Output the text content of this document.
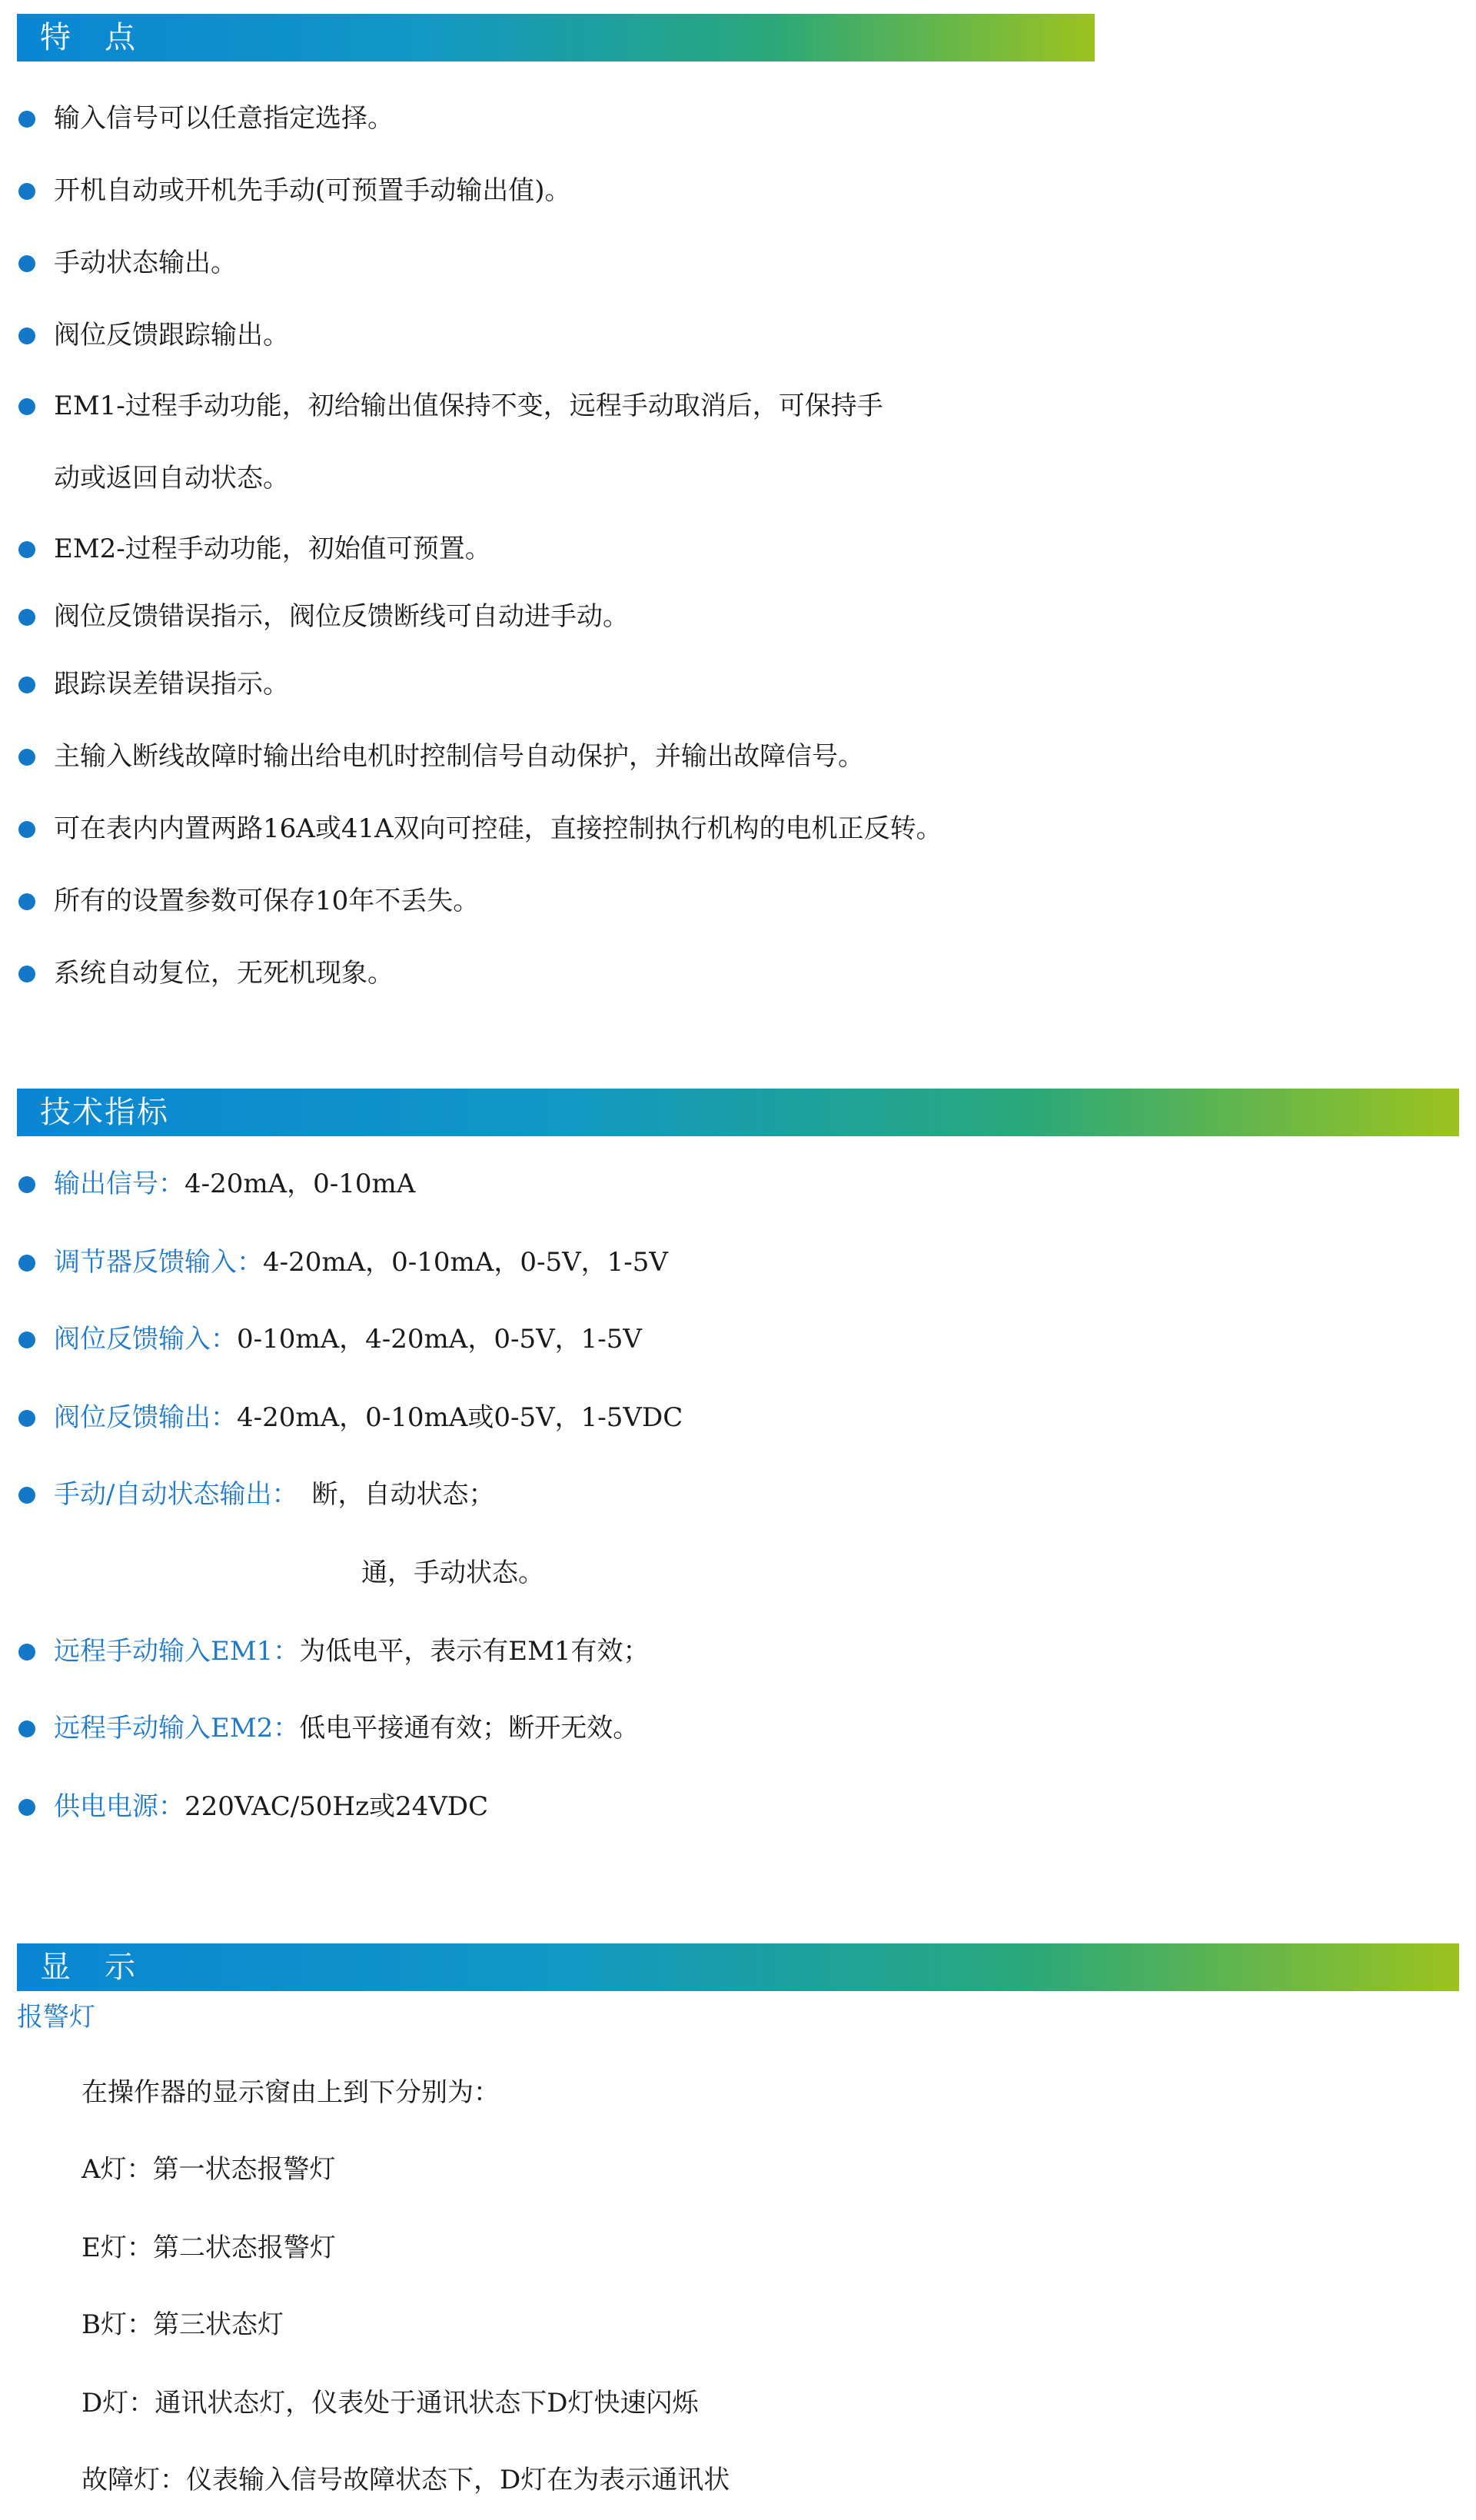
特　点
输入信号可以任意指定选择。
开机自动或开机先手动(可预置手动输出值)。
手动状态输出。
阀位反馈跟踪输出。
EM1-过程手动功能，初给输出值保持不变，远程手动取消后，可保持手
动或返回自动状态。
EM2-过程手动功能，初始值可预置。
阀位反馈错误指示，阀位反馈断线可自动进手动。
跟踪误差错误指示。
主输入断线故障时输出给电机时控制信号自动保护，并输出故障信号。
可在表内内置两路16A或41A双向可控硅，直接控制执行机构的电机正反转。
所有的设置参数可保存10年不丢失。
系统自动复位，无死机现象。
技术指标
输出信号：4-20mA，0-10mA
调节器反馈输入：4-20mA，0-10mA，0-5V，1-5V
阀位反馈输入：0-10mA，4-20mA，0-5V，1-5V
阀位反馈输出：4-20mA，0-10mA或0-5V，1-5VDC
手动/自动状态输出： 断，自动状态；
通，手动状态。
远程手动输入EM1：为低电平，表示有EM1有效；
远程手动输入EM2：低电平接通有效；断开无效。
供电电源：220VAC/50Hz或24VDC
显　示
报警灯
在操作器的显示窗由上到下分别为：
A灯：第一状态报警灯
E灯：第二状态报警灯
B灯：第三状态灯
D灯：通讯状态灯，仪表处于通讯状态下D灯快速闪烁
故障灯：仪表输入信号故障状态下，D灯在为表示通讯状
